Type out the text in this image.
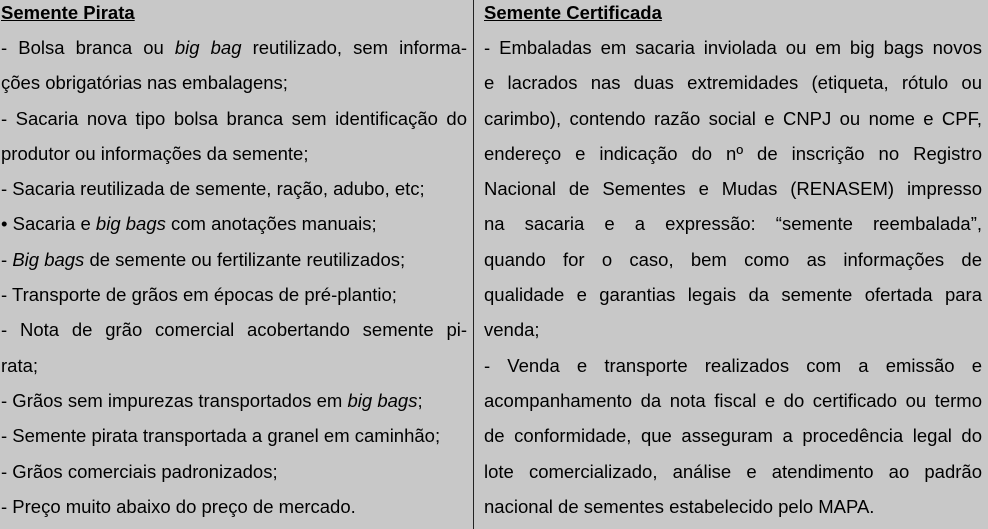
Semente Pirata
- Bolsa branca ou big bag reutilizado, sem informa-
ções obrigatórias nas embalagens;
- Sacaria nova tipo bolsa branca sem identificação do
produtor ou informações da semente;
- Sacaria reutilizada de semente, ração, adubo, etc;
• Sacaria e big bags com anotações manuais;
- Big bags de semente ou fertilizante reutilizados;
- Transporte de grãos em épocas de pré-plantio;
- Nota de grão comercial acobertando semente pi-
rata;
- Grãos sem impurezas transportados em big bags;
- Semente pirata transportada a granel em caminhão;
- Grãos comerciais padronizados;
- Preço muito abaixo do preço de mercado.
Semente Certificada
- Embaladas em sacaria inviolada ou em big bags novos
e lacrados nas duas extremidades (etiqueta, rótulo ou
carimbo), contendo razão social e CNPJ ou nome e CPF,
endereço e indicação do nº de inscrição no Registro
Nacional de Sementes e Mudas (RENASEM) impresso
na sacaria e a expressão: “semente reembalada”,
quando for o caso, bem como as informações de
qualidade e garantias legais da semente ofertada para
venda;
- Venda e transporte realizados com a emissão e
acompanhamento da nota fiscal e do certificado ou termo
de conformidade, que asseguram a procedência legal do
lote comercializado, análise e atendimento ao padrão
nacional de sementes estabelecido pelo MAPA.
